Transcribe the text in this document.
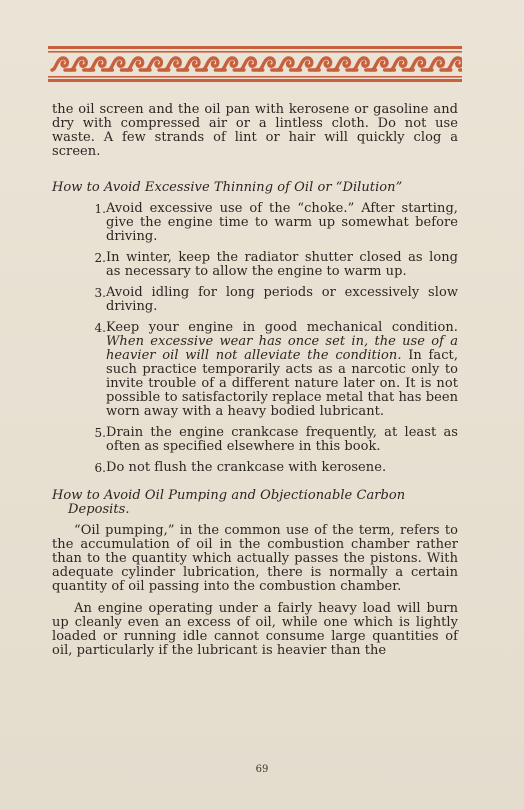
the oil screen and the oil pan with kerosene or gasoline and dry with compressed air or a lintless cloth. Do not use waste. A few strands of lint or hair will quickly clog a screen.

How to Avoid Excessive Thinning of Oil or “Dilution”
1. Avoid excessive use of the “choke.” After starting, give the engine time to warm up somewhat before driving.
2. In winter, keep the radiator shutter closed as long as necessary to allow the engine to warm up.
3. Avoid idling for long periods or excessively slow driving.
4. Keep your engine in good mechanical condition. When excessive wear has once set in, the use of a heavier oil will not alleviate the condition. In fact, such practice temporarily acts as a narcotic only to invite trouble of a different nature later on. It is not possible to satisfactorily replace metal that has been worn away with a heavy bodied lubricant.
5. Drain the engine crankcase frequently, at least as often as specified elsewhere in this book.
6. Do not flush the crankcase with kerosene.
How to Avoid Oil Pumping and Objectionable Carbon
Deposits.

“Oil pumping,” in the common use of the term, refers to the accumulation of oil in the combustion chamber rather than to the quantity which actually passes the pistons. With adequate cylinder lubrication, there is normally a certain quantity of oil passing into the combustion chamber.

An engine operating under a fairly heavy load will burn up cleanly even an excess of oil, while one which is lightly loaded or running idle cannot consume large quantities of oil, particularly if the lubricant is heavier than the

69
